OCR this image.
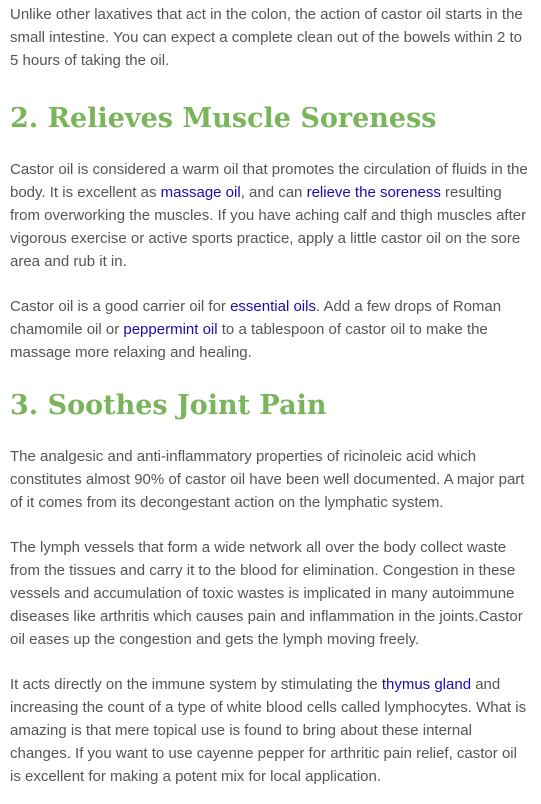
Unlike other laxatives that act in the colon, the action of castor oil starts in the small intestine. You can expect a complete clean out of the bowels within 2 to 5 hours of taking the oil.

2. Relieves Muscle Soreness

Castor oil is considered a warm oil that promotes the circulation of fluids in the body. It is excellent as massage oil, and can relieve the soreness resulting from overworking the muscles. If you have aching calf and thigh muscles after vigorous exercise or active sports practice, apply a little castor oil on the sore area and rub it in.

Castor oil is a good carrier oil for essential oils. Add a few drops of Roman chamomile oil or peppermint oil to a tablespoon of castor oil to make the massage more relaxing and healing.

3. Soothes Joint Pain

The analgesic and anti-inflammatory properties of ricinoleic acid which constitutes almost 90% of castor oil have been well documented. A major part of it comes from its decongestant action on the lymphatic system.

The lymph vessels that form a wide network all over the body collect waste from the tissues and carry it to the blood for elimination. Congestion in these vessels and accumulation of toxic wastes is implicated in many autoimmune diseases like arthritis which causes pain and inflammation in the joints.Castor oil eases up the congestion and gets the lymph moving freely.

It acts directly on the immune system by stimulating the thymus gland and increasing the count of a type of white blood cells called lymphocytes. What is amazing is that mere topical use is found to bring about these internal changes. If you want to use cayenne pepper for arthritic pain relief, castor oil is excellent for making a potent mix for local application.
